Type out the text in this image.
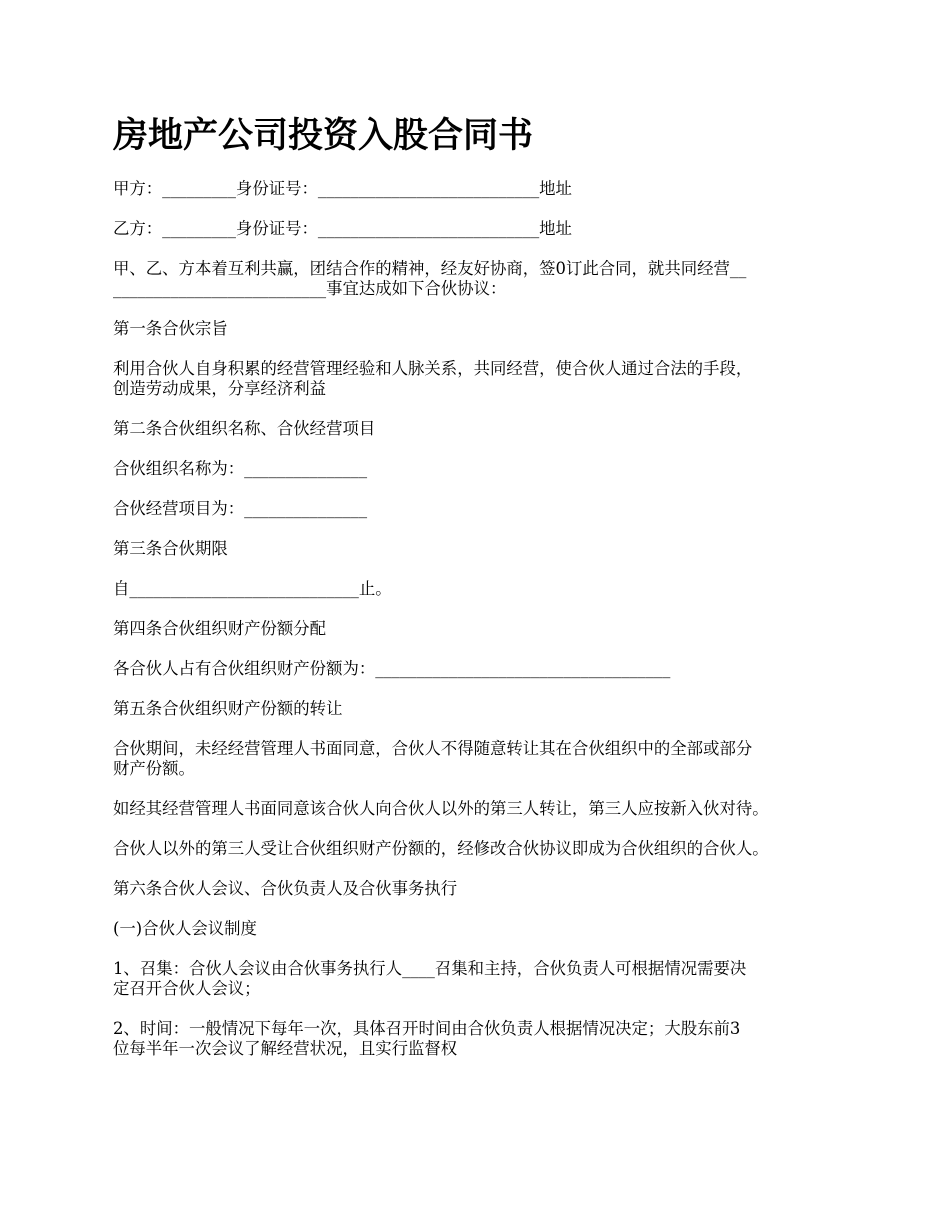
房地产公司投资入股合同书

甲方：_________身份证号：___________________________地址

乙方：_________身份证号：___________________________地址

甲、乙、方本着互利共赢，团结合作的精神，经友好协商，签0订此合同，就共同经营__
__________________________事宜达成如下合伙协议：

第一条合伙宗旨

利用合伙人自身积累的经营管理经验和人脉关系，共同经营，使合伙人通过合法的手段，
创造劳动成果，分享经济利益

第二条合伙组织名称、合伙经营项目

合伙组织名称为：_______________

合伙经营项目为：_______________

第三条合伙期限

自____________________________止。

第四条合伙组织财产份额分配

各合伙人占有合伙组织财产份额为：____________________________________

第五条合伙组织财产份额的转让

合伙期间，未经经营管理人书面同意，合伙人不得随意转让其在合伙组织中的全部或部分
财产份额。

如经其经营管理人书面同意该合伙人向合伙人以外的第三人转让，第三人应按新入伙对待。

合伙人以外的第三人受让合伙组织财产份额的，经修改合伙协议即成为合伙组织的合伙人。

第六条合伙人会议、合伙负责人及合伙事务执行

(一)合伙人会议制度

1、召集：合伙人会议由合伙事务执行人____召集和主持，合伙负责人可根据情况需要决
定召开合伙人会议；

2、时间：一般情况下每年一次，具体召开时间由合伙负责人根据情况决定；大股东前3
位每半年一次会议了解经营状况，且实行监督权
